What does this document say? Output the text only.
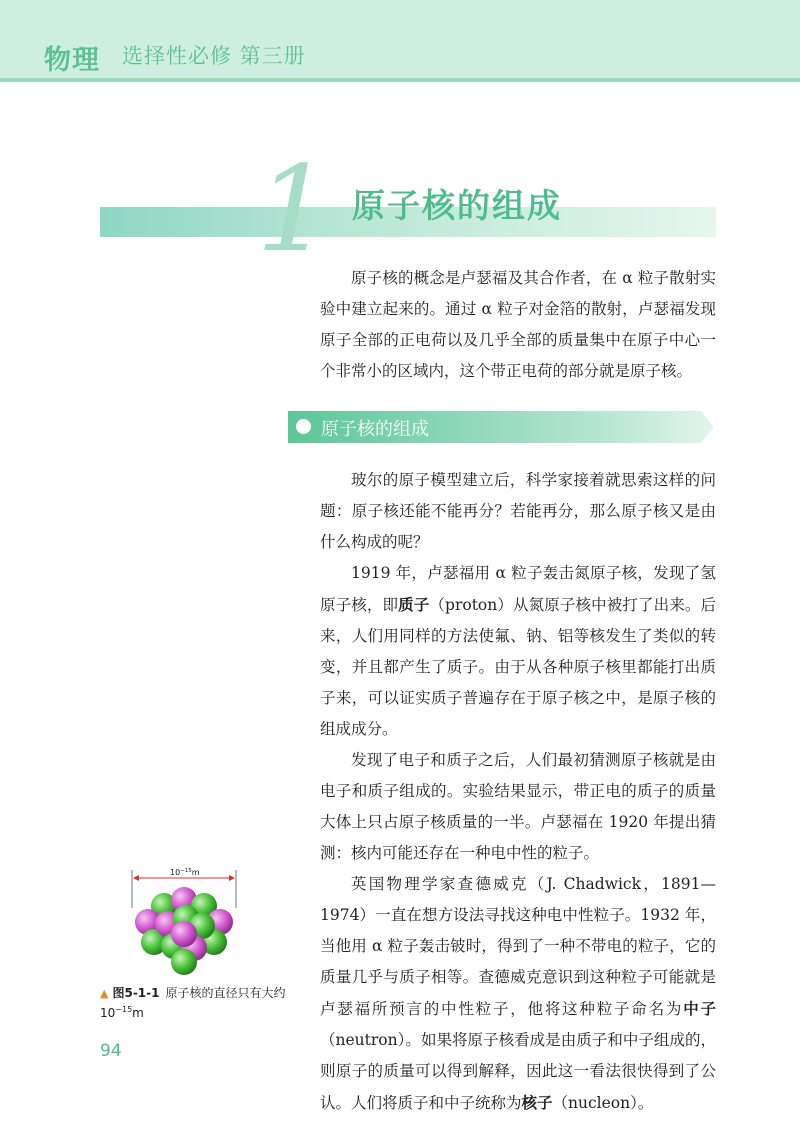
物理 选择性必修 第三册
1 原子核的组成

原子核的概念是卢瑟福及其合作者，在 α 粒子散射实验中建立起来的。通过 α 粒子对金箔的散射，卢瑟福发现原子全部的正电荷以及几乎全部的质量集中在原子中心一个非常小的区域内，这个带正电荷的部分就是原子核。

原子核的组成

玻尔的原子模型建立后，科学家接着就思索这样的问题：原子核还能不能再分？若能再分，那么原子核又是由什么构成的呢？

1919 年，卢瑟福用 α 粒子轰击氮原子核，发现了氢原子核，即质子（proton）从氮原子核中被打了出来。后来，人们用同样的方法使氟、钠、铝等核发生了类似的转变，并且都产生了质子。由于从各种原子核里都能打出质子来，可以证实质子普遍存在于原子核之中，是原子核的组成成分。

发现了电子和质子之后，人们最初猜测原子核就是由电子和质子组成的。实验结果显示，带正电的质子的质量大体上只占原子核质量的一半。卢瑟福在 1920 年提出猜测：核内可能还存在一种电中性的粒子。

英国物理学家查德威克（J. Chadwick，1891—1974）一直在想方设法寻找这种电中性粒子。1932 年，当他用 α 粒子轰击铍时，得到了一种不带电的粒子，它的质量几乎与质子相等。查德威克意识到这种粒子可能就是卢瑟福所预言的中性粒子，他将这种粒子命名为中子（neutron）。如果将原子核看成是由质子和中子组成的，则原子的质量可以得到解释，因此这一看法很快得到了公认。人们将质子和中子统称为核子（nucleon）。

$10^{-15}m$
▲ 图5-1-1 原子核的直径只有大约$10^{-15}m$
94
